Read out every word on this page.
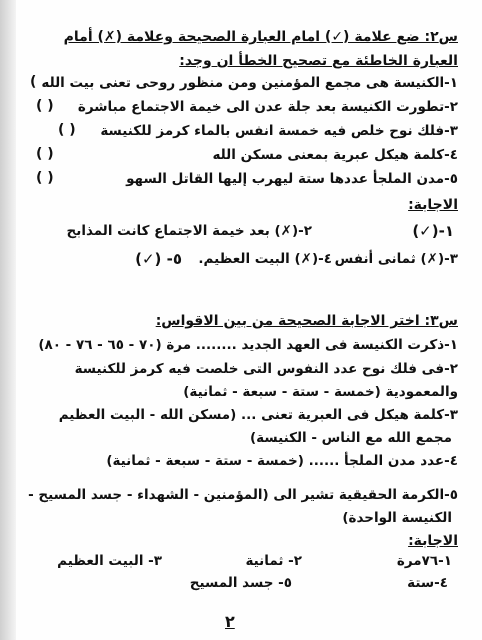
س٢: ضع علامة (✓) امام العبارة الصحيحة وعلامة (✗) أمام
العبارة الخاطئة مع تصحيح الخطأ ان وجد:
١-الكنيسة هى مجمع المؤمنين ومن منظور روحى تعنى بيت الله
(
٢-تطورت الكنيسة بعد جلة عدن الى خيمة الاجتماع مباشرة
( )
٣-فلك نوح خلص فيه خمسة انفس بالماء كرمز للكنيسة
( )
٤-كلمة هيكل عبرية بمعنى مسكن الله
( )
٥-مدن الملجأ عددها ستة ليهرب إليها القاتل السهو
( )
الاجابة:
١-(✓)
٢-(✗) بعد خيمة الاجتماع كانت المذابح
٣-(✗) ثمانى أنفس
٤-(✗) البيت العظيم.
٥- (✓)
س٣: اختر الاجابة الصحيحة من بين الاقواس:
١-ذكرت الكنيسة فى العهد الجديد ........ مرة (٧٠ - ٦٥ - ٧٦ - ٨٠)
٢-فى فلك نوح عدد النفوس التى خلصت فيه كرمز للكنيسة
والمعمودية (خمسة - ستة - سبعة - ثمانية)
٣-كلمة هيكل فى العبرية تعنى ... (مسكن الله - البيت العظيم
مجمع الله مع الناس - الكنيسة)
٤-عدد مدن الملجأ ...... (خمسة - ستة - سبعة - ثمانية)
٥-الكرمة الحقيقية تشير الى (المؤمنين - الشهداء - جسد المسيح -
الكنيسة الواحدة)
الاجابة:
١-٧٦مرة
٢- ثمانية
٣- البيت العظيم
٤-ستة
٥- جسد المسيح
٢
